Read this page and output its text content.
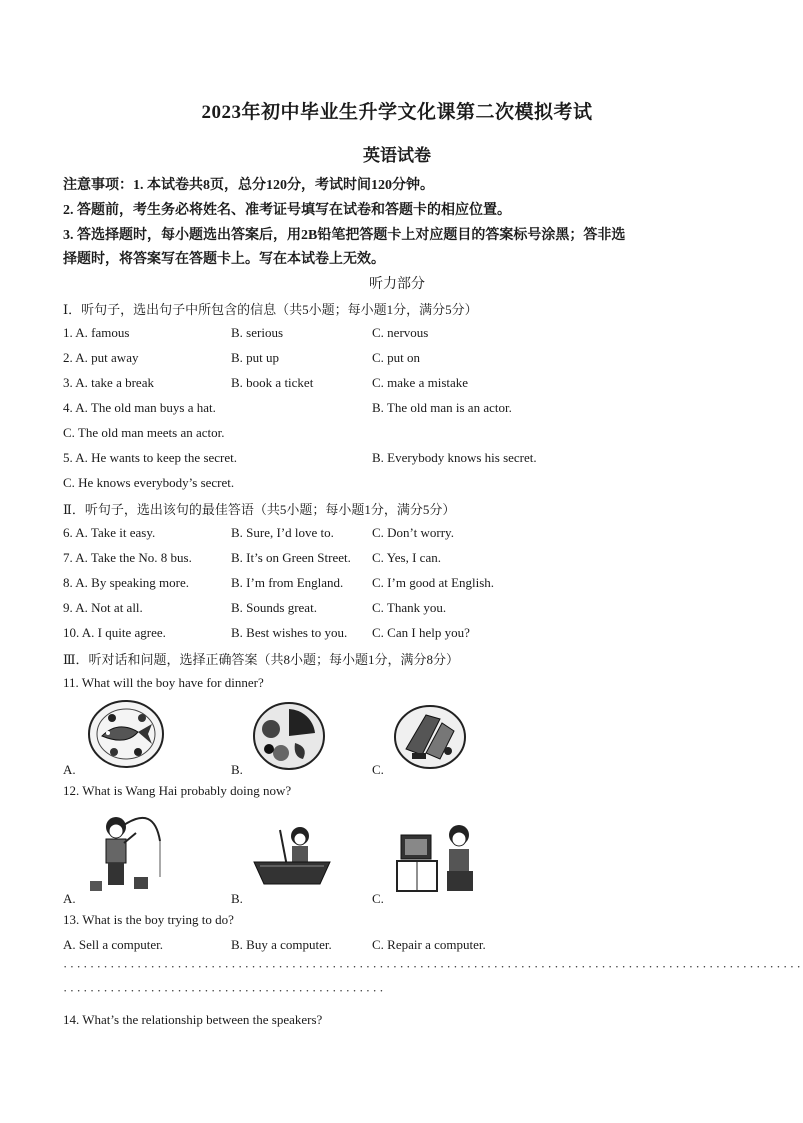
2023年初中毕业生升学文化课第二次模拟考试
英语试卷
注意事项：1. 本试卷共8页，总分120分，考试时间120分钟。
2. 答题前，考生务必将姓名、准考证号填写在试卷和答题卡的相应位置。
3. 答选择题时，每小题选出答案后，用2B铅笔把答题卡上对应题目的答案标号涂黑；答非选
择题时，将答案写在答题卡上。写在本试卷上无效。
听力部分
Ⅰ．听句子，选出句子中所包含的信息（共5小题；每小题1分，满分5分）
1. A. famous	B. serious	C. nervous
2. A. put away	B. put up	C. put on
3. A. take a break	B. book a ticket	C. make a mistake
4. A. The old man buys a hat.	B. The old man is an actor.
C. The old man meets an actor.
5. A. He wants to keep the secret.	B. Everybody knows his secret.
C. He knows everybody’s secret.
Ⅱ．听句子，选出该句的最佳答语（共5小题；每小题1分，满分5分）
6. A. Take it easy.	B. Sure, I’d love to.	C. Don’t worry.
7. A. Take the No. 8 bus.	B. It’s on Green Street. C. Yes, I can.
8. A. By speaking more.	B. I’m from England. C. I’m good at English.
9. A. Not at all.	B. Sounds great.	C. Thank you.
10. A. I quite agree.	B. Best wishes to you. C. Can I help you?
Ⅲ．听对话和问题，选择正确答案（共8小题；每小题1分，满分8分）
11. What will the boy have for dinner?
A.	B.	C.
12. What is Wang Hai probably doing now?
A.	B.	C.
13. What is the boy trying to do?
A. Sell a computer.	B. Buy a computer.	C. Repair a computer.
··············································································································
················································
14. What’s the relationship between the speakers?
